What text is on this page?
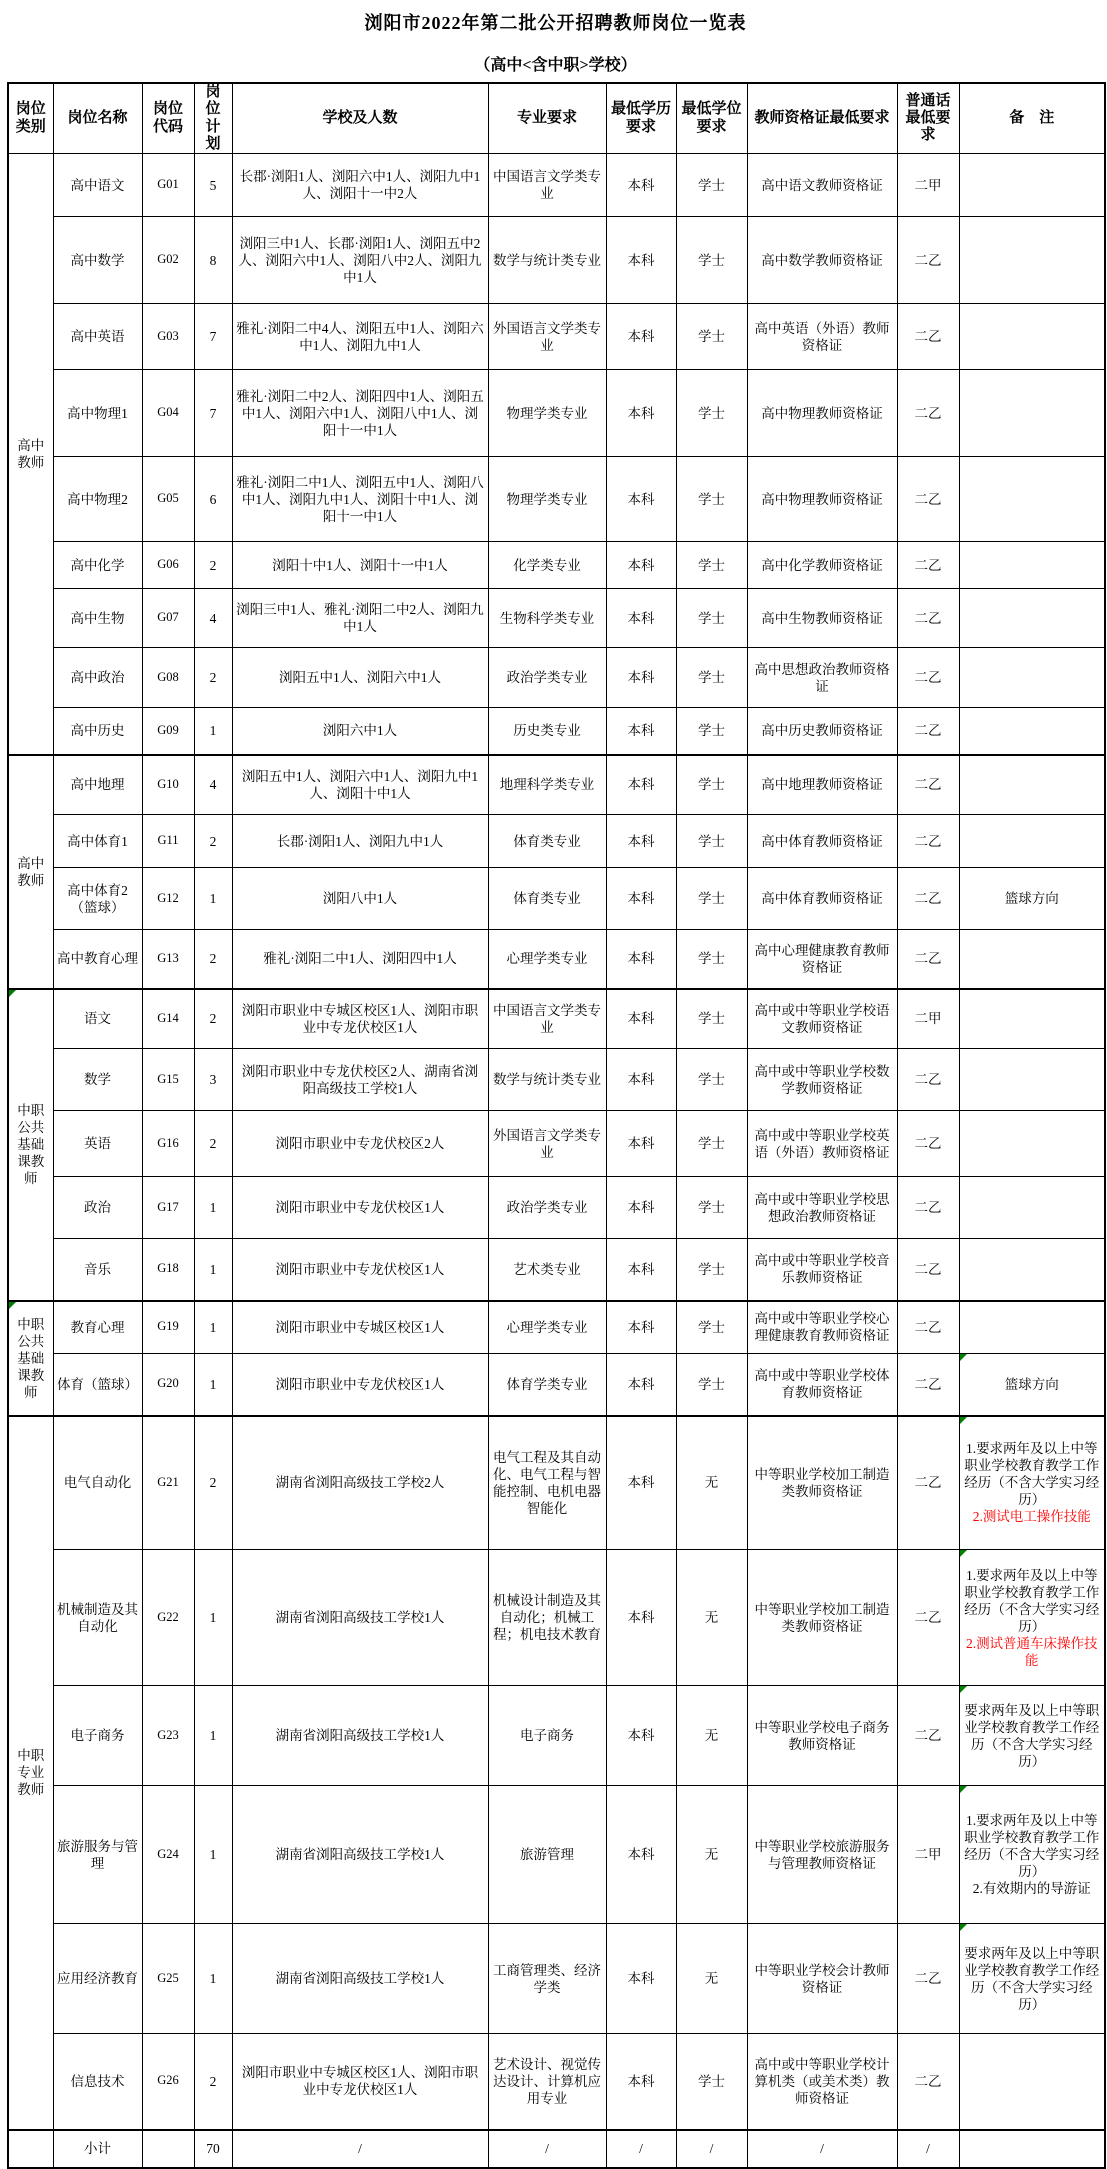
浏阳市2022年第二批公开招聘教师岗位一览表
（高中<含中职>学校）
岗位类别	岗位名称	岗位代码	岗位计划	学校及人数	专业要求	最低学历要求	最低学位要求	教师资格证最低要求	普通话最低要求	备　注
高中教师	高中语文	G01	5	长郡·浏阳1人、浏阳六中1人、浏阳九中1人、浏阳十一中2人	中国语言文学类专业	本科	学士	高中语文教师资格证	二甲	
	高中数学	G02	8	浏阳三中1人、长郡·浏阳1人、浏阳五中2人、浏阳六中1人、浏阳八中2人、浏阳九中1人	数学与统计类专业	本科	学士	高中数学教师资格证	二乙	
	高中英语	G03	7	雅礼·浏阳二中4人、浏阳五中1人、浏阳六中1人、浏阳九中1人	外国语言文学类专业	本科	学士	高中英语（外语）教师资格证	二乙	
	高中物理1	G04	7	雅礼·浏阳二中2人、浏阳四中1人、浏阳五中1人、浏阳六中1人、浏阳八中1人、浏阳十一中1人	物理学类专业	本科	学士	高中物理教师资格证	二乙	
	高中物理2	G05	6	雅礼·浏阳二中1人、浏阳五中1人、浏阳八中1人、浏阳九中1人、浏阳十中1人、浏阳十一中1人	物理学类专业	本科	学士	高中物理教师资格证	二乙	
	高中化学	G06	2	浏阳十中1人、浏阳十一中1人	化学类专业	本科	学士	高中化学教师资格证	二乙	
	高中生物	G07	4	浏阳三中1人、雅礼·浏阳二中2人、浏阳九中1人	生物科学类专业	本科	学士	高中生物教师资格证	二乙	
	高中政治	G08	2	浏阳五中1人、浏阳六中1人	政治学类专业	本科	学士	高中思想政治教师资格证	二乙	
	高中历史	G09	1	浏阳六中1人	历史类专业	本科	学士	高中历史教师资格证	二乙	
高中教师	高中地理	G10	4	浏阳五中1人、浏阳六中1人、浏阳九中1人、浏阳十中1人	地理科学类专业	本科	学士	高中地理教师资格证	二乙	
	高中体育1	G11	2	长郡·浏阳1人、浏阳九中1人	体育类专业	本科	学士	高中体育教师资格证	二乙	
	高中体育2（篮球）	G12	1	浏阳八中1人	体育类专业	本科	学士	高中体育教师资格证	二乙	篮球方向

	高中教育心理	G13	2	雅礼·浏阳二中1人、浏阳四中1人	心理学类专业	本科	学士	高中心理健康教育教师资格证	二乙	

中职公共基础课教师	语文	G14	2	浏阳市职业中专城区校区1人、浏阳市职业中专龙伏校区1人	中国语言文学类专业	本科	学士	高中或中等职业学校语文教师资格证	二甲	
	数学	G15	3	浏阳市职业中专龙伏校区2人、湖南省浏阳高级技工学校1人	数学与统计类专业	本科	学士	高中或中等职业学校数学教师资格证	二乙	
	英语	G16	2	浏阳市职业中专龙伏校区2人	外国语言文学类专业	本科	学士	高中或中等职业学校英语（外语）教师资格证	二乙	
	政治	G17	1	浏阳市职业中专龙伏校区1人	政治学类专业	本科	学士	高中或中等职业学校思想政治教师资格证	二乙	
	音乐	G18	1	浏阳市职业中专龙伏校区1人	艺术类专业	本科	学士	高中或中等职业学校音乐教师资格证	二乙	

中职公共基础课教师	教育心理	G19	1	浏阳市职业中专城区校区1人	心理学类专业	本科	学士	高中或中等职业学校心理健康教育教师资格证	二乙	
	体育（篮球）	G20	1	浏阳市职业中专龙伏校区1人	体育学类专业	本科	学士	高中或中等职业学校体育教师资格证	二乙	篮球方向

中职专业教师	电气自动化	G21	2	湖南省浏阳高级技工学校2人	电气工程及其自动化、电气工程与智能控制、电机电器智能化	本科	无	中等职业学校加工制造类教师资格证	二乙	1.要求两年及以上中等职业学校教育教学工作经历（不含大学实习经历）
2.测试电工操作技能

	机械制造及其自动化	G22	1	湖南省浏阳高级技工学校1人	机械设计制造及其自动化；机械工程；机电技术教育	本科	无	中等职业学校加工制造类教师资格证	二乙	1.要求两年及以上中等职业学校教育教学工作经历（不含大学实习经历）
2.测试普通车床操作技能

	电子商务	G23	1	湖南省浏阳高级技工学校1人	电子商务	本科	无	中等职业学校电子商务教师资格证	二乙	要求两年及以上中等职业学校教育教学工作经历（不含大学实习经历）

	旅游服务与管理	G24	1	湖南省浏阳高级技工学校1人	旅游管理	本科	无	中等职业学校旅游服务与管理教师资格证	二甲	1.要求两年及以上中等职业学校教育教学工作经历（不含大学实习经历）
2.有效期内的导游证

	应用经济教育	G25	1	湖南省浏阳高级技工学校1人	工商管理类、经济学类	本科	无	中等职业学校会计教师资格证	二乙	要求两年及以上中等职业学校教育教学工作经历（不含大学实习经历）

	信息技术	G26	2	浏阳市职业中专城区校区1人、浏阳市职业中专龙伏校区1人	艺术设计、视觉传达设计、计算机应用专业	本科	学士	高中或中等职业学校计算机类（或美术类）教师资格证	二乙	
	小计		70	/	/	/	/	/	/	
